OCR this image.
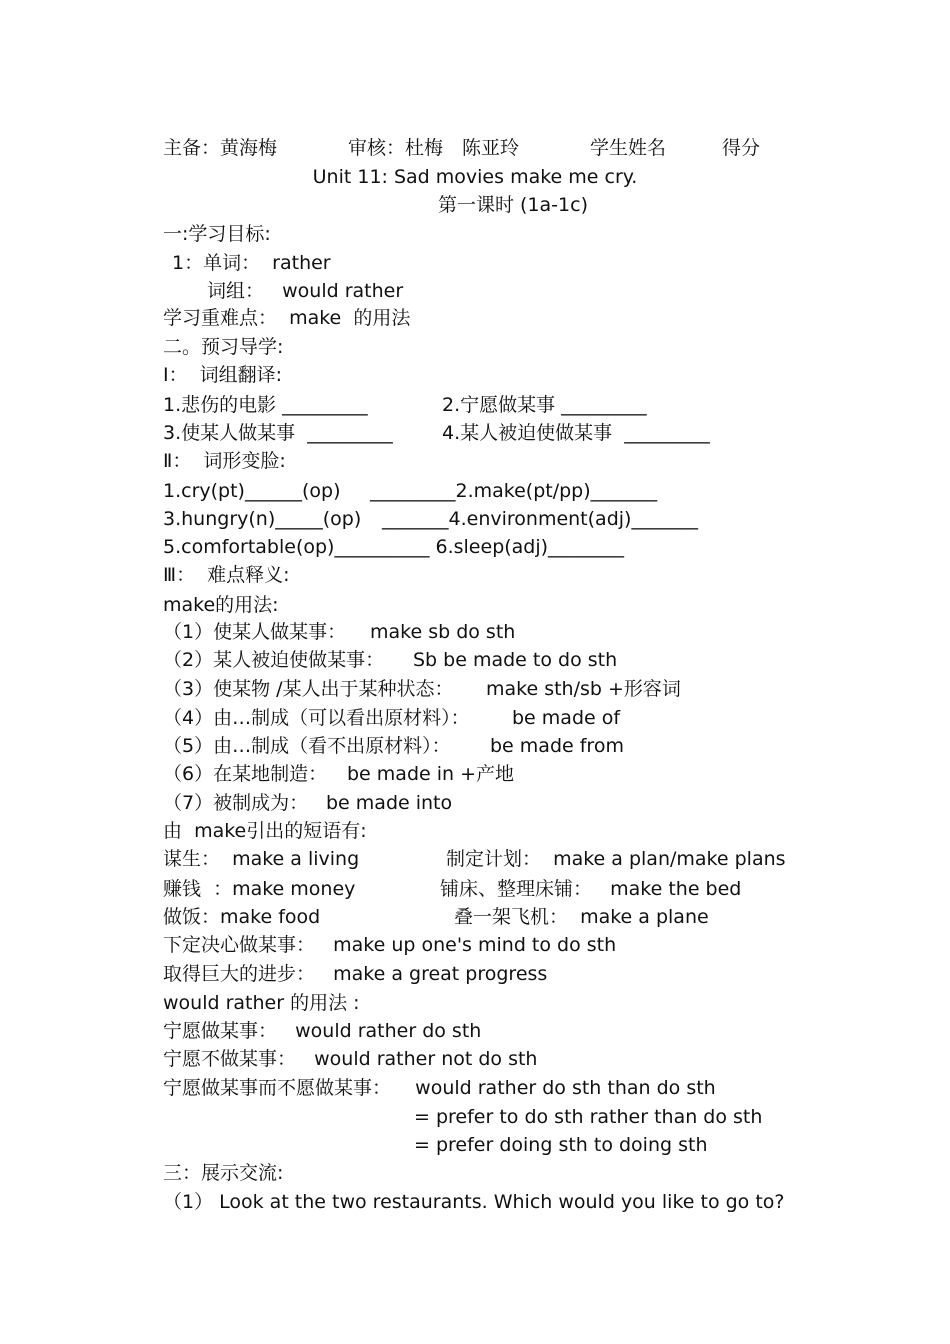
主备：黄海梅	审核：杜梅　陈亚玲	学生姓名	得分
Unit 11: Sad movies make me cry.
第一课时 (1a-1c)
一:学习目标:
1：单词：  rather
词组：   would rather
学习重难点：  make  的用法
二。预习导学:
Ⅰ：  词组翻译:
1.悲伤的电影 _________	2.宁愿做某事 _________
3.使某人做某事  _________	4.某人被迫使做某事  _________
Ⅱ：  词形变脸:
1.cry(pt)______(op) _________2.make(pt/pp)_______
3.hungry(n)_____(op) _______4.environment(adj)_______
5.comfortable(op)__________ 6.sleep(adj)________
Ⅲ：  难点释义:
make的用法:
（1）使某人做某事： make sb do sth
（2）某人被迫使做某事： Sb be made to do sth
（3）使某物 /某人出于某种状态： make sth/sb +形容词
（4）由…制成（可以看出原材料）： be made of
（5）由…制成（看不出原材料）： be made from
（6）在某地制造： be made in +产地
（7）被制成为： be made into
由  make引出的短语有:
谋生：  make a living	制定计划：  make a plan/make plans
赚钱  ：make money	铺床、整理床铺：   make the bed
做饭：make food	叠一架飞机：  make a plane
下定决心做某事：   make up one's mind to do sth
取得巨大的进步：   make a great progress
would rather 的用法 :
宁愿做某事：   would rather do sth
宁愿不做某事：   would rather not do sth
宁愿做某事而不愿做某事：    would rather do sth than do sth
= prefer to do sth rather than do sth
= prefer doing sth to doing sth
三：展示交流:
（1） Look at the two restaurants. Which would you like to go to?
